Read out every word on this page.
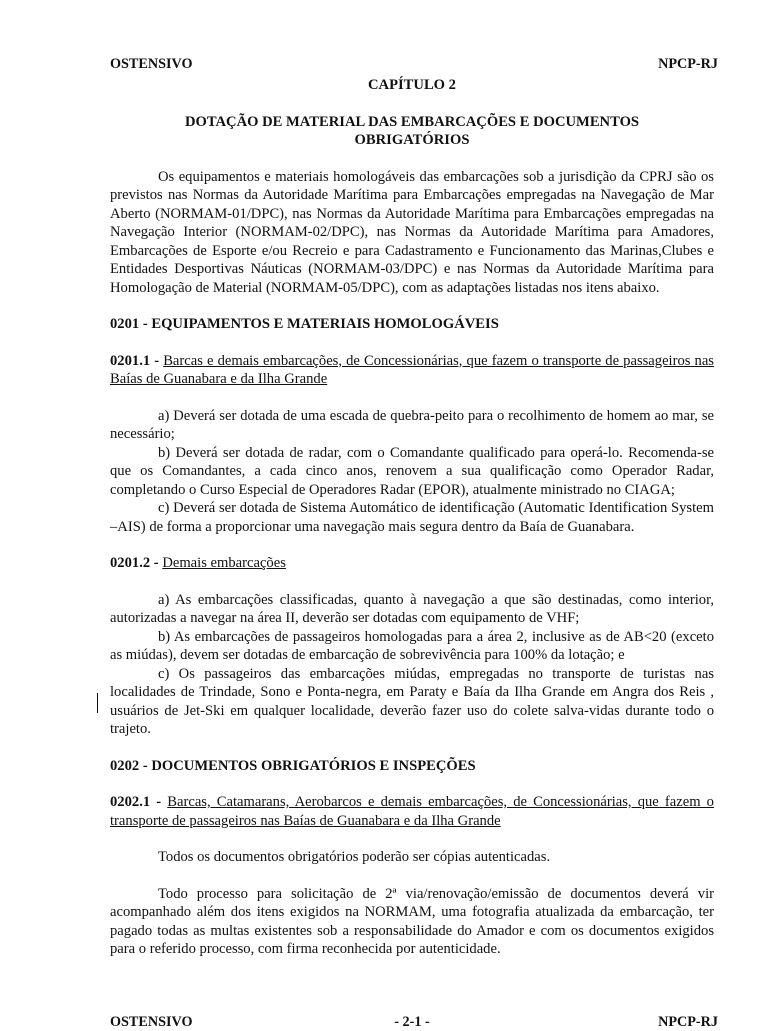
OSTENSIVO	NPCP-RJ
CAPÍTULO 2
DOTAÇÃO DE MATERIAL DAS EMBARCAÇÕES E DOCUMENTOS OBRIGATÓRIOS

Os equipamentos e materiais homologáveis das embarcações sob a jurisdição da CPRJ são os previstos nas Normas da Autoridade Marítima para Embarcações empregadas na Navegação de Mar Aberto (NORMAM-01/DPC), nas Normas da Autoridade Marítima para Embarcações empregadas na Navegação Interior (NORMAM-02/DPC), nas Normas da Autoridade Marítima para Amadores, Embarcações de Esporte e/ou Recreio e para Cadastramento e Funcionamento das Marinas,Clubes e Entidades Desportivas Náuticas (NORMAM-03/DPC) e nas Normas da Autoridade Marítima para Homologação de Material (NORMAM-05/DPC), com as adaptações listadas nos itens abaixo.

0201 - EQUIPAMENTOS E MATERIAIS HOMOLOGÁVEIS

0201.1 - Barcas e demais embarcações, de Concessionárias, que fazem o transporte de passageiros nas Baías de Guanabara e da Ilha Grande

a) Deverá ser dotada de uma escada de quebra-peito para o recolhimento de homem ao mar, se necessário;

b) Deverá ser dotada de radar, com o Comandante qualificado para operá-lo. Recomenda-se que os Comandantes, a cada cinco anos, renovem a sua qualificação como Operador Radar, completando o Curso Especial de Operadores Radar (EPOR), atualmente ministrado no CIAGA;

c) Deverá ser dotada de Sistema Automático de identificação (Automatic Identification System –AIS) de forma a proporcionar uma navegação mais segura dentro da Baía de Guanabara.

0201.2 - Demais embarcações

a) As embarcações classificadas, quanto à navegação a que são destinadas, como interior, autorizadas a navegar na área II, deverão ser dotadas com equipamento de VHF;

b) As embarcações de passageiros homologadas para a área 2, inclusive as de AB<20 (exceto as miúdas), devem ser dotadas de embarcação de sobrevivência para 100% da lotação; e

c) Os passageiros das embarcações miúdas, empregadas no transporte de turistas nas localidades de Trindade, Sono e Ponta-negra, em Paraty e Baía da Ilha Grande em Angra dos Reis , usuários de Jet-Ski em qualquer localidade, deverão fazer uso do colete salva-vidas durante todo o trajeto.

0202 - DOCUMENTOS OBRIGATÓRIOS E INSPEÇÕES

0202.1 - Barcas, Catamarans, Aerobarcos e demais embarcações, de Concessionárias, que fazem o transporte de passageiros nas Baías de Guanabara e da Ilha Grande

Todos os documentos obrigatórios poderão ser cópias autenticadas.

Todo processo para solicitação de 2ª via/renovação/emissão de documentos deverá vir acompanhado além dos itens exigidos na NORMAM, uma fotografia atualizada da embarcação, ter pagado todas as multas existentes sob a responsabilidade do Amador e com os documentos exigidos para o referido processo, com firma reconhecida por autenticidade.

OSTENSIVO	- 2-1 -	NPCP-RJ
